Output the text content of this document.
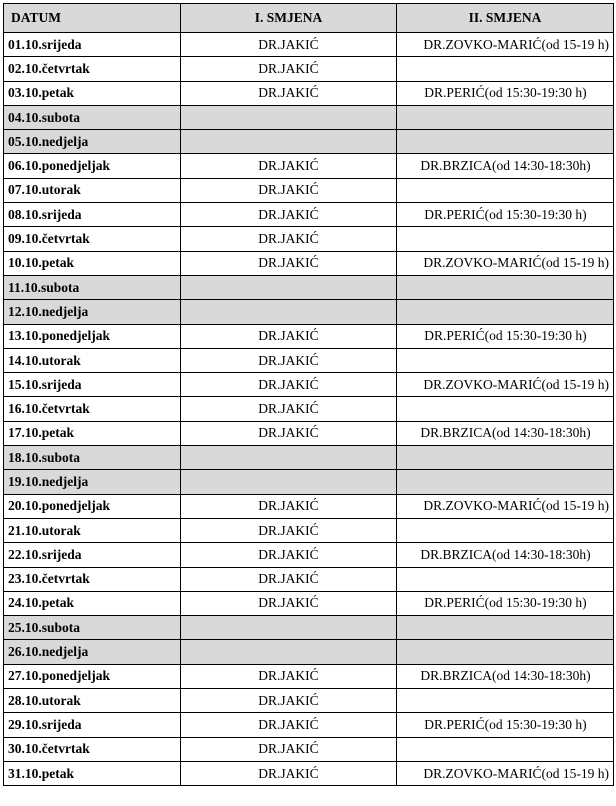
DATUM	I. SMJENA	II. SMJENA
01.10.srijeda	DR.JAKIĆ	DR.ZOVKO-MARIĆ(od 15-19 h)
02.10.četvrtak	DR.JAKIĆ	
03.10.petak	DR.JAKIĆ	DR.PERIĆ(od 15:30-19:30 h)
04.10.subota		
05.10.nedjelja		
06.10.ponedjeljak	DR.JAKIĆ	DR.BRZICA(od 14:30-18:30h)
07.10.utorak	DR.JAKIĆ	
08.10.srijeda	DR.JAKIĆ	DR.PERIĆ(od 15:30-19:30 h)
09.10.četvrtak	DR.JAKIĆ	
10.10.petak	DR.JAKIĆ	DR.ZOVKO-MARIĆ(od 15-19 h)
11.10.subota		
12.10.nedjelja		
13.10.ponedjeljak	DR.JAKIĆ	DR.PERIĆ(od 15:30-19:30 h)
14.10.utorak	DR.JAKIĆ	
15.10.srijeda	DR.JAKIĆ	DR.ZOVKO-MARIĆ(od 15-19 h)
16.10.četvrtak	DR.JAKIĆ	
17.10.petak	DR.JAKIĆ	DR.BRZICA(od 14:30-18:30h)
18.10.subota		
19.10.nedjelja		
20.10.ponedjeljak	DR.JAKIĆ	DR.ZOVKO-MARIĆ(od 15-19 h)
21.10.utorak	DR.JAKIĆ	
22.10.srijeda	DR.JAKIĆ	DR.BRZICA(od 14:30-18:30h)
23.10.četvrtak	DR.JAKIĆ	
24.10.petak	DR.JAKIĆ	DR.PERIĆ(od 15:30-19:30 h)
25.10.subota		
26.10.nedjelja		
27.10.ponedjeljak	DR.JAKIĆ	DR.BRZICA(od 14:30-18:30h)
28.10.utorak	DR.JAKIĆ	
29.10.srijeda	DR.JAKIĆ	DR.PERIĆ(od 15:30-19:30 h)
30.10.četvrtak	DR.JAKIĆ	
31.10.petak	DR.JAKIĆ	DR.ZOVKO-MARIĆ(od 15-19 h)
